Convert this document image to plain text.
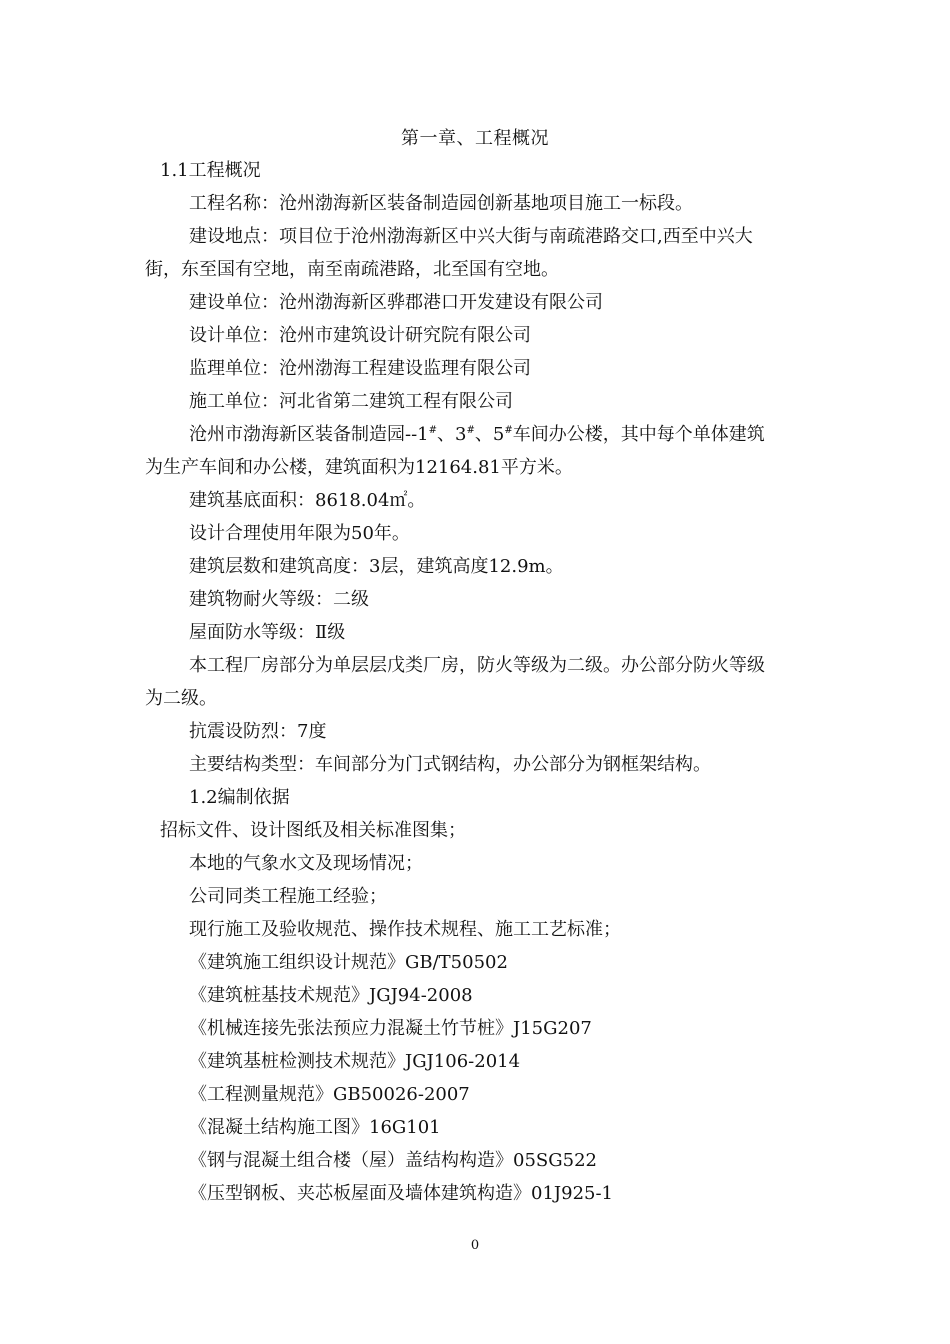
第一章、工程概况
1.1工程概况
工程名称：沧州渤海新区装备制造园创新基地项目施工一标段。
建设地点：项目位于沧州渤海新区中兴大街与南疏港路交口,西至中兴大
街，东至国有空地，南至南疏港路，北至国有空地。
建设单位：沧州渤海新区骅郡港口开发建设有限公司
设计单位：沧州市建筑设计研究院有限公司
监理单位：沧州渤海工程建设监理有限公司
施工单位：河北省第二建筑工程有限公司
沧州市渤海新区装备制造园--1#、3#、5#车间办公楼，其中每个单体建筑
为生产车间和办公楼，建筑面积为12164.81平方米。
建筑基底面积：8618.04㎡。
设计合理使用年限为50年。
建筑层数和建筑高度：3层，建筑高度12.9m。
建筑物耐火等级：二级
屋面防水等级：Ⅱ级
本工程厂房部分为单层层戊类厂房，防火等级为二级。办公部分防火等级
为二级。
抗震设防烈：7度
主要结构类型：车间部分为门式钢结构，办公部分为钢框架结构。
1.2编制依据
招标文件、设计图纸及相关标准图集；
本地的气象水文及现场情况；
公司同类工程施工经验；
现行施工及验收规范、操作技术规程、施工工艺标准；
《建筑施工组织设计规范》GB/T50502
《建筑桩基技术规范》JGJ94-2008
《机械连接先张法预应力混凝土竹节桩》J15G207
《建筑基桩检测技术规范》JGJ106-2014
《工程测量规范》GB50026-2007
《混凝土结构施工图》16G101
《钢与混凝土组合楼（屋）盖结构构造》05SG522
《压型钢板、夹芯板屋面及墙体建筑构造》01J925-1
0
